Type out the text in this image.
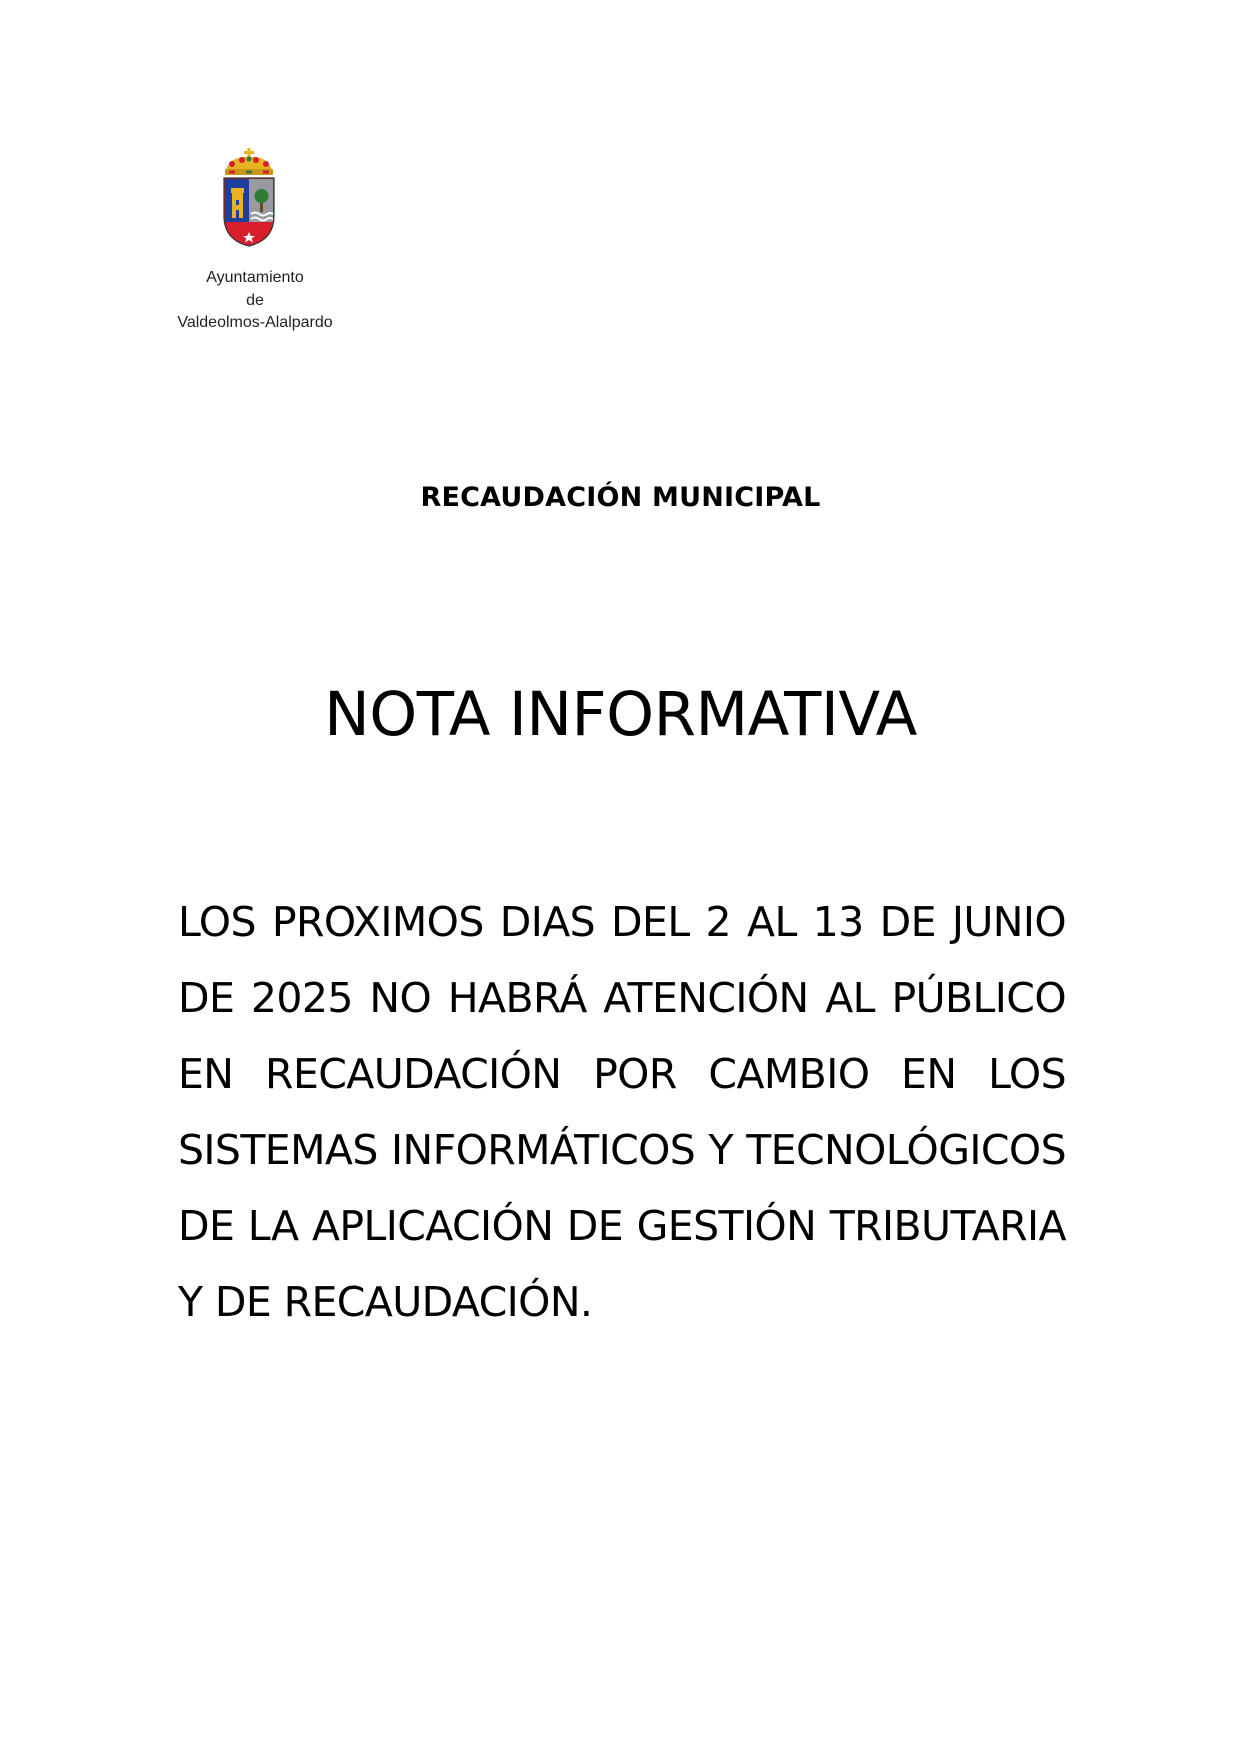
Ayuntamiento
de
Valdeolmos-Alalpardo
RECAUDACIÓN MUNICIPAL
NOTA INFORMATIVA
LOS PROXIMOS DIAS DEL 2 AL 13 DE JUNIO DE 2025 NO HABRÁ ATENCIÓN AL PÚBLICO EN RECAUDACIÓN POR CAMBIO EN LOS SISTEMAS INFORMÁTICOS Y TECNOLÓGICOS DE LA APLICACIÓN DE GESTIÓN TRIBUTARIA Y DE RECAUDACIÓN.
